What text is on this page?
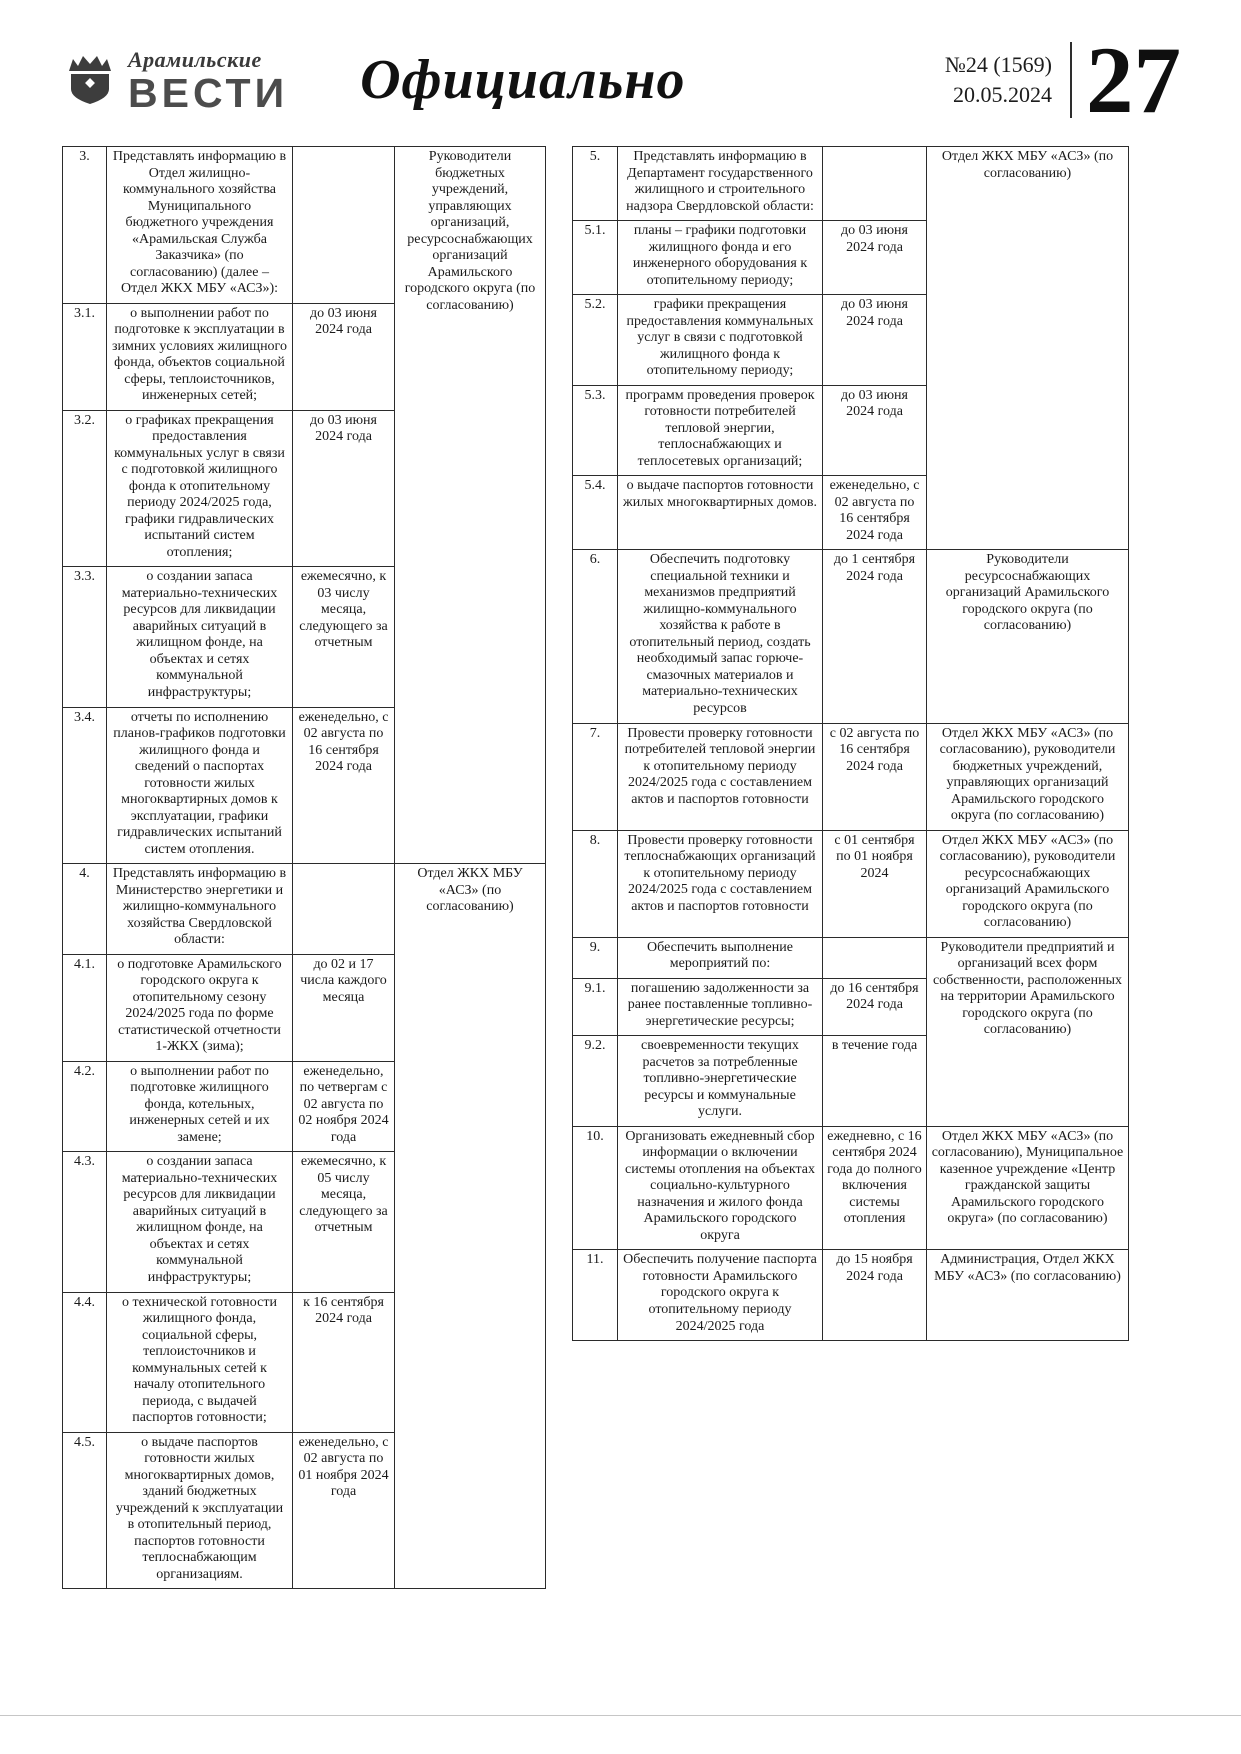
Арамильские
ВЕСТИ Официально	№24 (1569)
20.05.2024 27
3.	Представлять информацию в Отдел жилищно-коммунального хозяйства Муниципального бюджетного учреждения «Арамильская Служба Заказчика» (по согласованию) (далее – Отдел ЖКХ МБУ «АСЗ»):		Руководители бюджетных учреждений, управляющих организаций, ресурсоснабжающих организаций Арамильского городского округа (по согласованию)
3.1.	о выполнении работ по подготовке к эксплуатации в зимних условиях жилищного фонда, объектов социальной сферы, теплоисточников, инженерных сетей;	до 03 июня 2024 года	
3.2.	о графиках прекращения предоставления коммунальных услуг в связи с подготовкой жилищного фонда к отопительному периоду 2024/2025 года, графики гидравлических испытаний систем отопления;	до 03 июня 2024 года	
3.3.	о создании запаса материально-технических ресурсов для ликвидации аварийных ситуаций в жилищном фонде, на объектах и сетях коммунальной инфраструктуры;	ежемесячно, к 03 числу месяца, следующего за отчетным	
3.4.	отчеты по исполнению планов-графиков подготовки жилищного фонда и сведений о паспортах готовности жилых многоквартирных домов к эксплуатации, графики гидравлических испытаний систем отопления.	еженедельно, с 02 августа по 16 сентября 2024 года	
4.	Представлять информацию в Министерство энергетики и жилищно-коммунального хозяйства Свердловской области:		Отдел ЖКХ МБУ «АСЗ» (по согласованию)
4.1.	о подготовке Арамильского городского округа к отопительному сезону 2024/2025 года по форме статистической отчетности 1-ЖКХ (зима);	до 02 и 17 числа каждого месяца	
4.2.	о выполнении работ по подготовке жилищного фонда, котельных, инженерных сетей и их замене;	еженедельно, по четвергам с 02 августа по 02 ноября 2024 года	
4.3.	о создании запаса материально-технических ресурсов для ликвидации аварийных ситуаций в жилищном фонде, на объектах и сетях коммунальной инфраструктуры;	ежемесячно, к 05 числу месяца, следующего за отчетным	
4.4.	о технической готовности жилищного фонда, социальной сферы, теплоисточников и коммунальных сетей к началу отопительного периода, с выдачей паспортов готовности;	к 16 сентября 2024 года	
4.5.	о выдаче паспортов готовности жилых многоквартирных домов, зданий бюджетных учреждений к эксплуатации в отопительный период, паспортов готовности теплоснабжающим организациям.	еженедельно, с 02 августа по 01 ноября 2024 года	
5.	Представлять информацию в Департамент государственного жилищного и строительного надзора Свердловской области:		Отдел ЖКХ МБУ «АСЗ» (по согласованию)
5.1.	планы – графики подготовки жилищного фонда и его инженерного оборудования к отопительному периоду;	до 03 июня 2024 года	
5.2.	графики прекращения предоставления коммунальных услуг в связи с подготовкой жилищного фонда к отопительному периоду;	до 03 июня 2024 года	
5.3.	программ проведения проверок готовности потребителей тепловой энергии, теплоснабжающих и теплосетевых организаций;	до 03 июня 2024 года	
5.4.	о выдаче паспортов готовности жилых многоквартирных домов.	еженедельно, с 02 августа по 16 сентября 2024 года	
6.	Обеспечить подготовку специальной техники и механизмов предприятий жилищно-коммунального хозяйства к работе в отопительный период, создать необходимый запас горюче-смазочных материалов и материально-технических ресурсов	до 1 сентября 2024 года	Руководители ресурсоснабжающих организаций Арамильского городского округа (по согласованию)
7.	Провести проверку готовности потребителей тепловой энергии к отопительному периоду 2024/2025 года с составлением актов и паспортов готовности	с 02 августа по 16 сентября 2024 года	Отдел ЖКХ МБУ «АСЗ» (по согласованию), руководители бюджетных учреждений, управляющих организаций Арамильского городского округа (по согласованию)
8.	Провести проверку готовности теплоснабжающих организаций к отопительному периоду 2024/2025 года с составлением актов и паспортов готовности	с 01 сентября по 01 ноября 2024	Отдел ЖКХ МБУ «АСЗ» (по согласованию), руководители ресурсоснабжающих организаций Арамильского городского округа (по согласованию)
9.	Обеспечить выполнение мероприятий по:		Руководители предприятий и организаций всех форм собственности, расположенных на территории Арамильского городского округа (по согласованию)
9.1.	погашению задолженности за ранее поставленные топливно-энергетические ресурсы;	до 16 сентября 2024 года	
9.2.	своевременности текущих расчетов за потребленные топливно-энергетические ресурсы и коммунальные услуги.	в течение года	
10.	Организовать ежедневный сбор информации о включении системы отопления на объектах социально-культурного назначения и жилого фонда Арамильского городского округа	ежедневно, с 16 сентября 2024 года до полного включения системы отопления	Отдел ЖКХ МБУ «АСЗ» (по согласованию), Муниципальное казенное учреждение «Центр гражданской защиты Арамильского городского округа» (по согласованию)
11.	Обеспечить получение паспорта готовности Арамильского городского округа к отопительному периоду 2024/2025 года	до 15 ноября 2024 года	Администрация, Отдел ЖКХ МБУ «АСЗ» (по согласованию)
